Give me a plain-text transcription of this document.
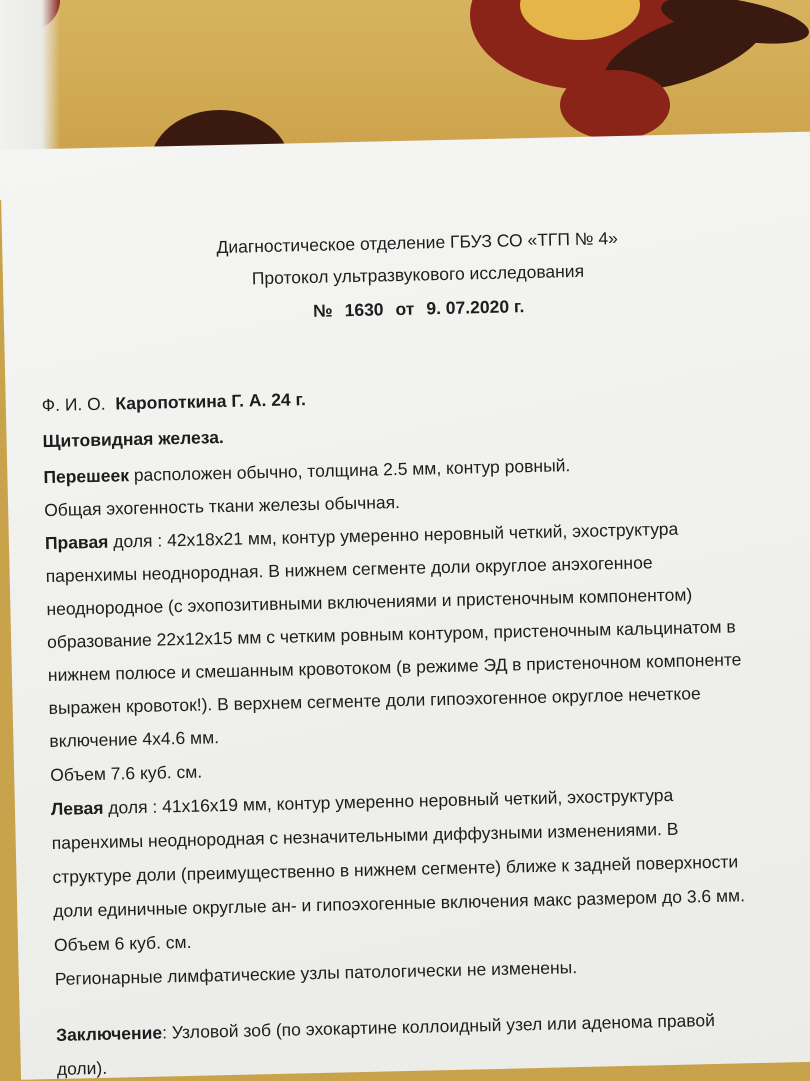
Диагностическое отделение ГБУЗ СО «ТГП № 4»
Протокол ультразвукового исследования
№ 1630 от 9. 07.2020 г.
Ф. И. О. Каропоткина Г. А. 24 г.
Щитовидная железа.
Перешеек расположен обычно, толщина 2.5 мм, контур ровный.
Общая эхогенность ткани железы обычная.
Правая доля : 42х18х21 мм, контур умеренно неровный четкий, эхоструктура
паренхимы неоднородная. В нижнем сегменте доли округлое анэхогенное
неоднородное (с эхопозитивными включениями и пристеночным компонентом)
образование 22х12х15 мм с четким ровным контуром, пристеночным кальцинатом в
нижнем полюсе и смешанным кровотоком (в режиме ЭД в пристеночном компоненте
выражен кровоток!). В верхнем сегменте доли гипоэхогенное округлое нечеткое
включение 4х4.6 мм.
Объем 7.6 куб. см.
Левая доля : 41х16х19 мм, контур умеренно неровный четкий, эхоструктура
паренхимы неоднородная с незначительными диффузными изменениями. В
структуре доли (преимущественно в нижнем сегменте) ближе к задней поверхности
доли единичные округлые ан- и гипоэхогенные включения макс размером до 3.6 мм.
Объем 6 куб. см.
Регионарные лимфатические узлы патологически не изменены.
Заключение: Узловой зоб (по эхокартине коллоидный узел или аденома правой
доли).
